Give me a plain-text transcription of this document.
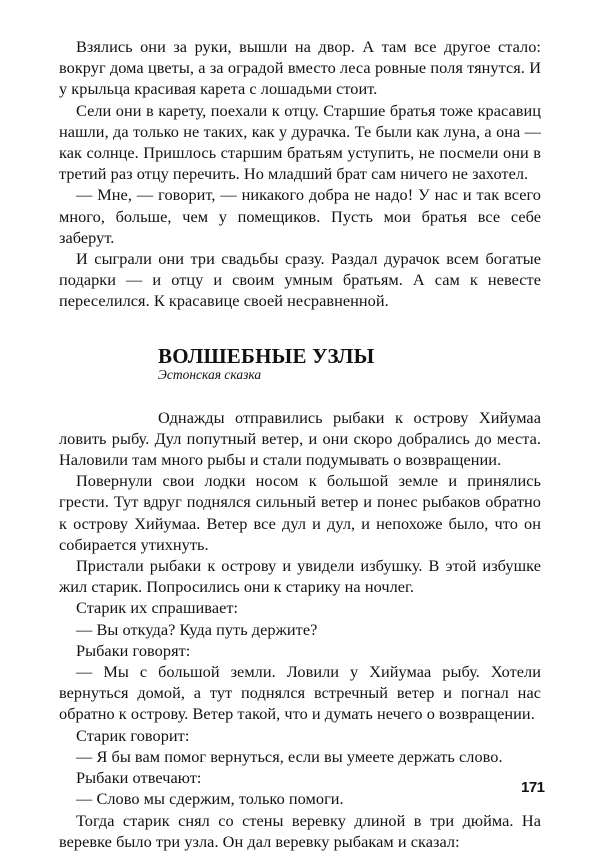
Взялись они за руки, вышли на двор. А там все другое стало: вокруг дома цветы, а за оградой вместо леса ровные поля тянутся. И у крыльца красивая карета с лошадьми стоит.

Сели они в карету, поехали к отцу. Старшие братья тоже красавиц нашли, да только не таких, как у дурачка. Те были как луна, а она — как солнце. Пришлось старшим братьям уступить, не посмели они в третий раз отцу перечить. Но младший брат сам ничего не захотел.

— Мне, — говорит, — никакого добра не надо! У нас и так всего много, больше, чем у помещиков. Пусть мои братья все себе заберут.

И сыграли они три свадьбы сразу. Раздал дурачок всем богатые подарки — и отцу и своим умным братьям. А сам к невесте переселился. К красавице своей несравненной.

ВОЛШЕБНЫЕ УЗЛЫ
Эстонская сказка

Однажды отправились рыбаки к острову Хийумаа ловить рыбу. Дул попутный ветер, и они скоро добрались до места. Наловили там много рыбы и стали подумывать о возвращении.

Повернули свои лодки носом к большой земле и принялись грести. Тут вдруг поднялся сильный ветер и понес рыбаков обратно к острову Хийумаа. Ветер все дул и дул, и непохоже было, что он собирается утихнуть.

Пристали рыбаки к острову и увидели избушку. В этой избушке жил старик. Попросились они к старику на ночлег.

Старик их спрашивает:

— Вы откуда? Куда путь держите?

Рыбаки говорят:

— Мы с большой земли. Ловили у Хийумаа рыбу. Хотели вернуться домой, а тут поднялся встречный ветер и погнал нас обратно к острову. Ветер такой, что и думать нечего о возвращении.

Старик говорит:

— Я бы вам помог вернуться, если вы умеете держать слово.

Рыбаки отвечают:

— Слово мы сдержим, только помоги.

Тогда старик снял со стены веревку длиной в три дюйма. На веревке было три узла. Он дал веревку рыбакам и сказал:

171
